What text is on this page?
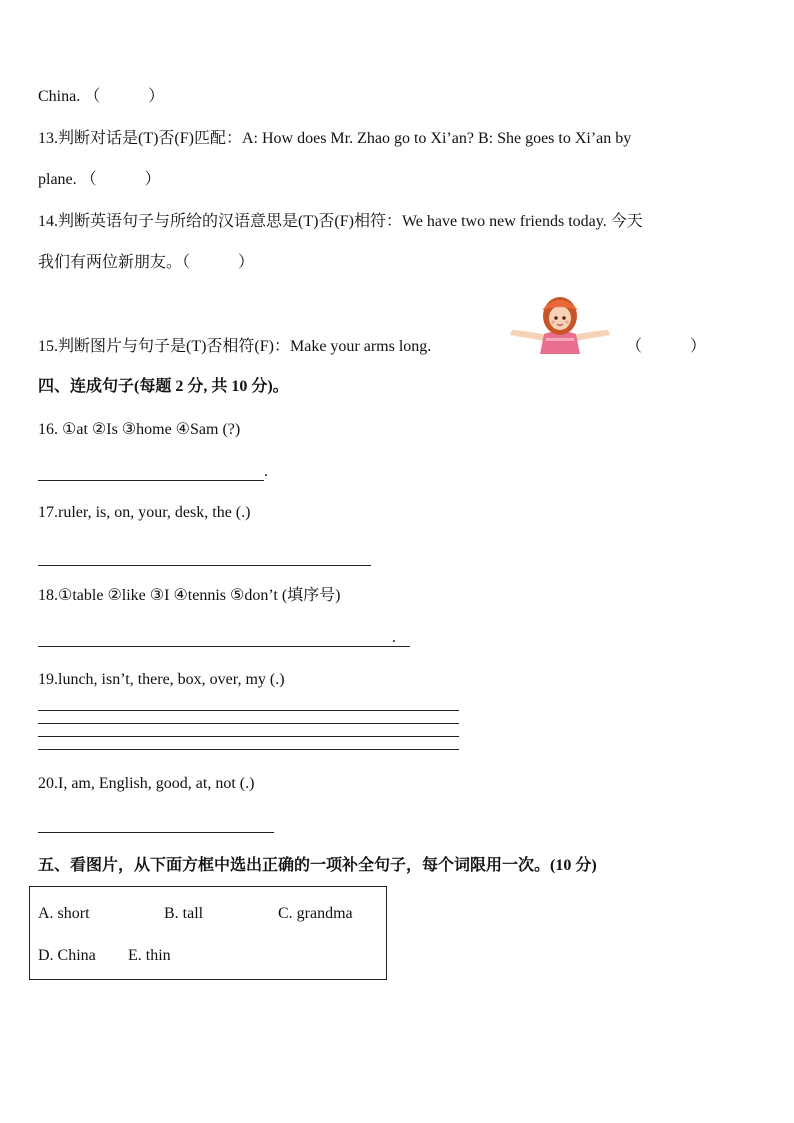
China. （　　　）
13.判断对话是(T)否(F)匹配：A: How does Mr. Zhao go to Xi’an? B: She goes to Xi’an by
plane. （　　　）
14.判断英语句子与所给的汉语意思是(T)否(F)相符：We have two new friends today. 今天
我们有两位新朋友。（　　　）
15.判断图片与句子是(T)否相符(F)：Make your arms long.	（　　　）
四、连成句子(每题 2 分, 共 10 分)。
16. ①at ②Is ③home ④Sam (?)
.
17.ruler, is, on, your, desk, the (.)
18.①table ②like ③I ④tennis ⑤don’t (填序号)
.
19.lunch, isn’t, there, box, over, my (.)
20.I, am, English, good, at, not (.)
五、看图片，从下面方框中选出正确的一项补全句子，每个词限用一次。(10 分)
A. short	B. tall	C. grandma
D. China E. thin
